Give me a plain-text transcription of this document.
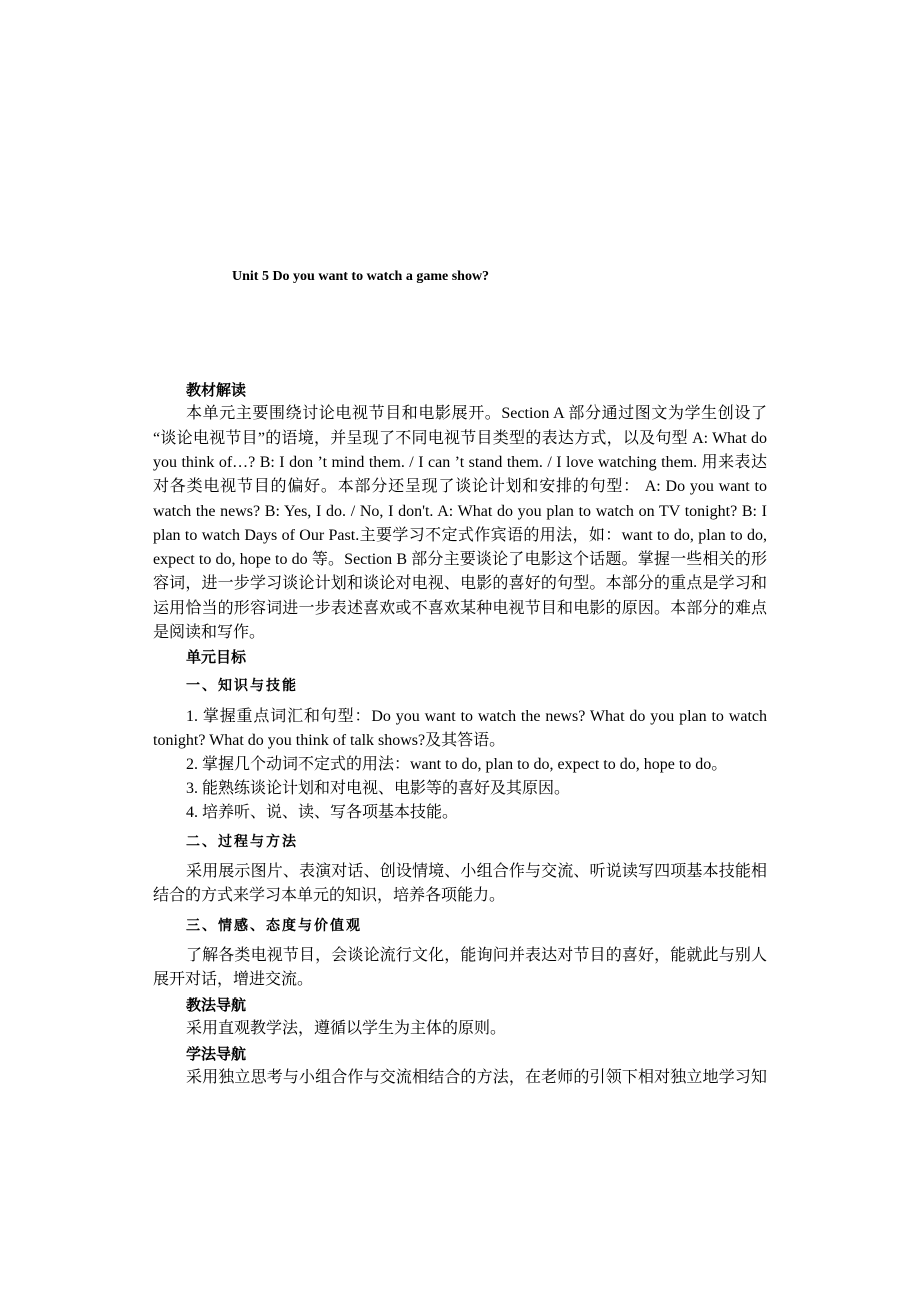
Unit 5 Do you want to watch a game show?
教材解读
本单元主要围绕讨论电视节目和电影展开。Section A 部分通过图文为学生创设了
“谈论电视节目”的语境，并呈现了不同电视节目类型的表达方式，以及句型 A: What do
you think of…? B: I don ’t mind them. / I can ’t stand them. / I love watching them. 用来表达
对各类电视节目的偏好。本部分还呈现了谈论计划和安排的句型： A: Do you want to
watch the news? B: Yes, I do. / No, I don't. A: What do you plan to watch on TV tonight? B: I
plan to watch Days of Our Past.主要学习不定式作宾语的用法，如：want to do, plan to do,
expect to do, hope to do 等。Section B 部分主要谈论了电影这个话题。掌握一些相关的形
容词，进一步学习谈论计划和谈论对电视、电影的喜好的句型。本部分的重点是学习和
运用恰当的形容词进一步表述喜欢或不喜欢某种电视节目和电影的原因。本部分的难点
是阅读和写作。
单元目标
一、知识与技能
1. 掌握重点词汇和句型：Do you want to watch the news? What do you plan to watch
tonight? What do you think of talk shows?及其答语。
2. 掌握几个动词不定式的用法：want to do, plan to do, expect to do, hope to do。
3. 能熟练谈论计划和对电视、电影等的喜好及其原因。
4. 培养听、说、读、写各项基本技能。
二、过程与方法
采用展示图片、表演对话、创设情境、小组合作与交流、听说读写四项基本技能相
结合的方式来学习本单元的知识，培养各项能力。
三、情感、态度与价值观
了解各类电视节目，会谈论流行文化，能询问并表达对节目的喜好，能就此与别人
展开对话，增进交流。
教法导航
采用直观教学法，遵循以学生为主体的原则。
学法导航
采用独立思考与小组合作与交流相结合的方法，在老师的引领下相对独立地学习知
